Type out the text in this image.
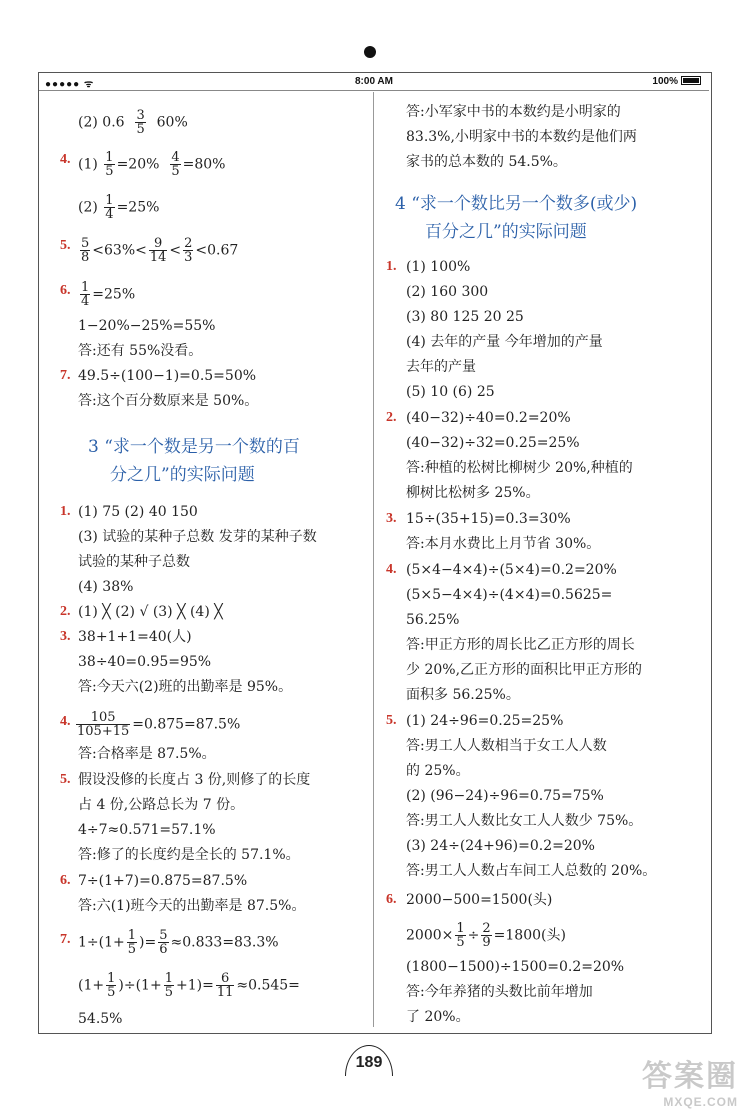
●●●●● ᯤ	8:00 AM	100%
(2) $0.6 \frac{3}{5} 60\%$
4. $(1) \frac{1}{5} =20\% \frac{4}{5} =80\%$
$(2) \frac{1}{4} =25\%$
5. $\frac{5}{8} <63\%< \frac{9}{14} < \frac{2}{3} <0.67$
6. $\frac{1}{4} =25\%$
1−20%−25%=55%
答:还有 55%没看。
7. 49.5÷(100−1)=0.5=50%
答:这个百分数原来是 50%。
3 “求一个数是另一个数的百
分之几”的实际问题
1. (1) 75 (2) 40 150
(3) 试验的某种子总数 发芽的某种子数
试验的某种子总数
(4) 38%
2. (1) ╳ (2) √ (3) ╳ (4) ╳
3. 38+1+1=40(人)
38÷40=0.95=95%
答:今天六(2)班的出勤率是 95%。
4. $\frac{105}{105+15} =0.875=87.5\%$
答:合格率是 87.5%。
5. 假设没修的长度占 3 份,则修了的长度
占 4 份,公路总长为 7 份。
4÷7≈0.571=57.1%
答:修了的长度约是全长的 57.1%。
6. 7÷(1+7)=0.875=87.5%
答:六(1)班今天的出勤率是 87.5%。
7. $1\div(1+ \frac{1}{5}$ )= $\frac{5}{6} \approx 0.833=83.3\%$
$(1+ \frac{1}{5} )\div(1+ \frac{1}{5} +1)= \frac{6}{11} \approx 0.545=$
54.5%
答:小军家中书的本数约是小明家的
83.3%,小明家中书的本数约是他们两
家书的总本数的 54.5%。
4 “求一个数比另一个数多(或少)
百分之几”的实际问题
1. (1) 100%
(2) 160 300
(3) 80 125 20 25
(4) 去年的产量 今年增加的产量
去年的产量
(5) 10 (6) 25
2. (40−32)÷40=0.2=20%
(40−32)÷32=0.25=25%
答:种植的松树比柳树少 20%,种植的
柳树比松树多 25%。
3. 15÷(35+15)=0.3=30%
答:本月水费比上月节省 30%。
4. (5×4−4×4)÷(5×4)=0.2=20%
(5×5−4×4)÷(4×4)=0.5625=
56.25%
答:甲正方形的周长比乙正方形的周长
少 20%,乙正方形的面积比甲正方形的
面积多 56.25%。
5. (1) 24÷96=0.25=25%
答:男工人人数相当于女工人人数
的 25%。
(2) (96−24)÷96=0.75=75%
答:男工人人数比女工人人数少 75%。
(3) 24÷(24+96)=0.2=20%
答:男工人人数占车间工人总数的 20%。
6. 2000−500=1500(头)
$2000\times \frac{1}{5} \div \frac{2}{9} =1800$(头)
(1800−1500)÷1500=0.2=20%
答:今年养猪的头数比前年增加
了 20%。
189	答案圈
MXQE.COM
